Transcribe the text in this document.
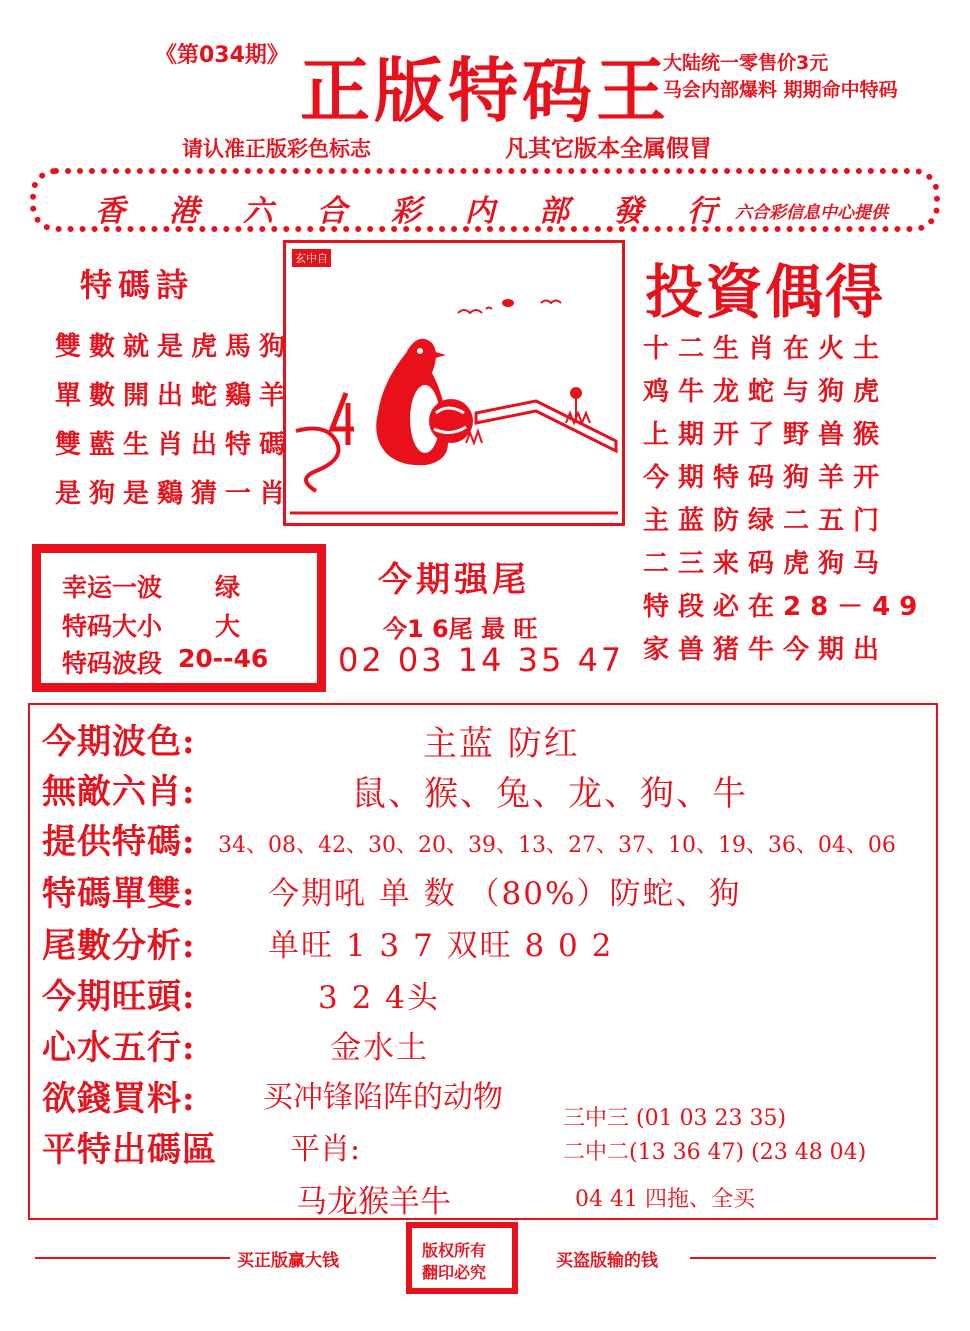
《第034期》 正版特码王
大陆统一零售价3元
马会内部爆料 期期命中特码
请认准正版彩色标志	凡其它版本全属假冒
香港六合彩内部發行
六合彩信息中心提供
特碼詩
雙數就是虎馬狗
單數開出蛇鷄羊
雙藍生肖出特碼
是狗是鷄猜一肖
玄中自	投資偶得
十二生肖在火土
鸡牛龙蛇与狗虎
上期开了野兽猴
今期特码狗羊开
主蓝防绿二五门
二三来码虎狗马
特段必在28－49
家兽猪牛今期出
幸运一波 绿
特码大小 大
特码波段 20--46
今期强尾
今1 6尾 最 旺
02 03 14 35 47
今期波色:	主蓝 防红
無敵六肖:	鼠、猴、兔、龙、狗、牛
提供特碼: 34、08、42、30、20、39、13、27、37、10、19、36、04、06
特碼單雙: 今期吼 单 数 （80%）防蛇、狗
尾數分析: 单旺 1 3 7 双旺 8 0 2
今期旺頭:	3 2 4头
心水五行:	金水土
欲錢買料: 买冲锋陷阵的动物
平特出碼區 平肖:
马龙猴羊牛
三中三 (01 03 23 35)
二中二(13 36 47) (23 48 04)
04 41 四拖、全买
买正版赢大钱
版权所有
翻印必究
买盗版输的钱
